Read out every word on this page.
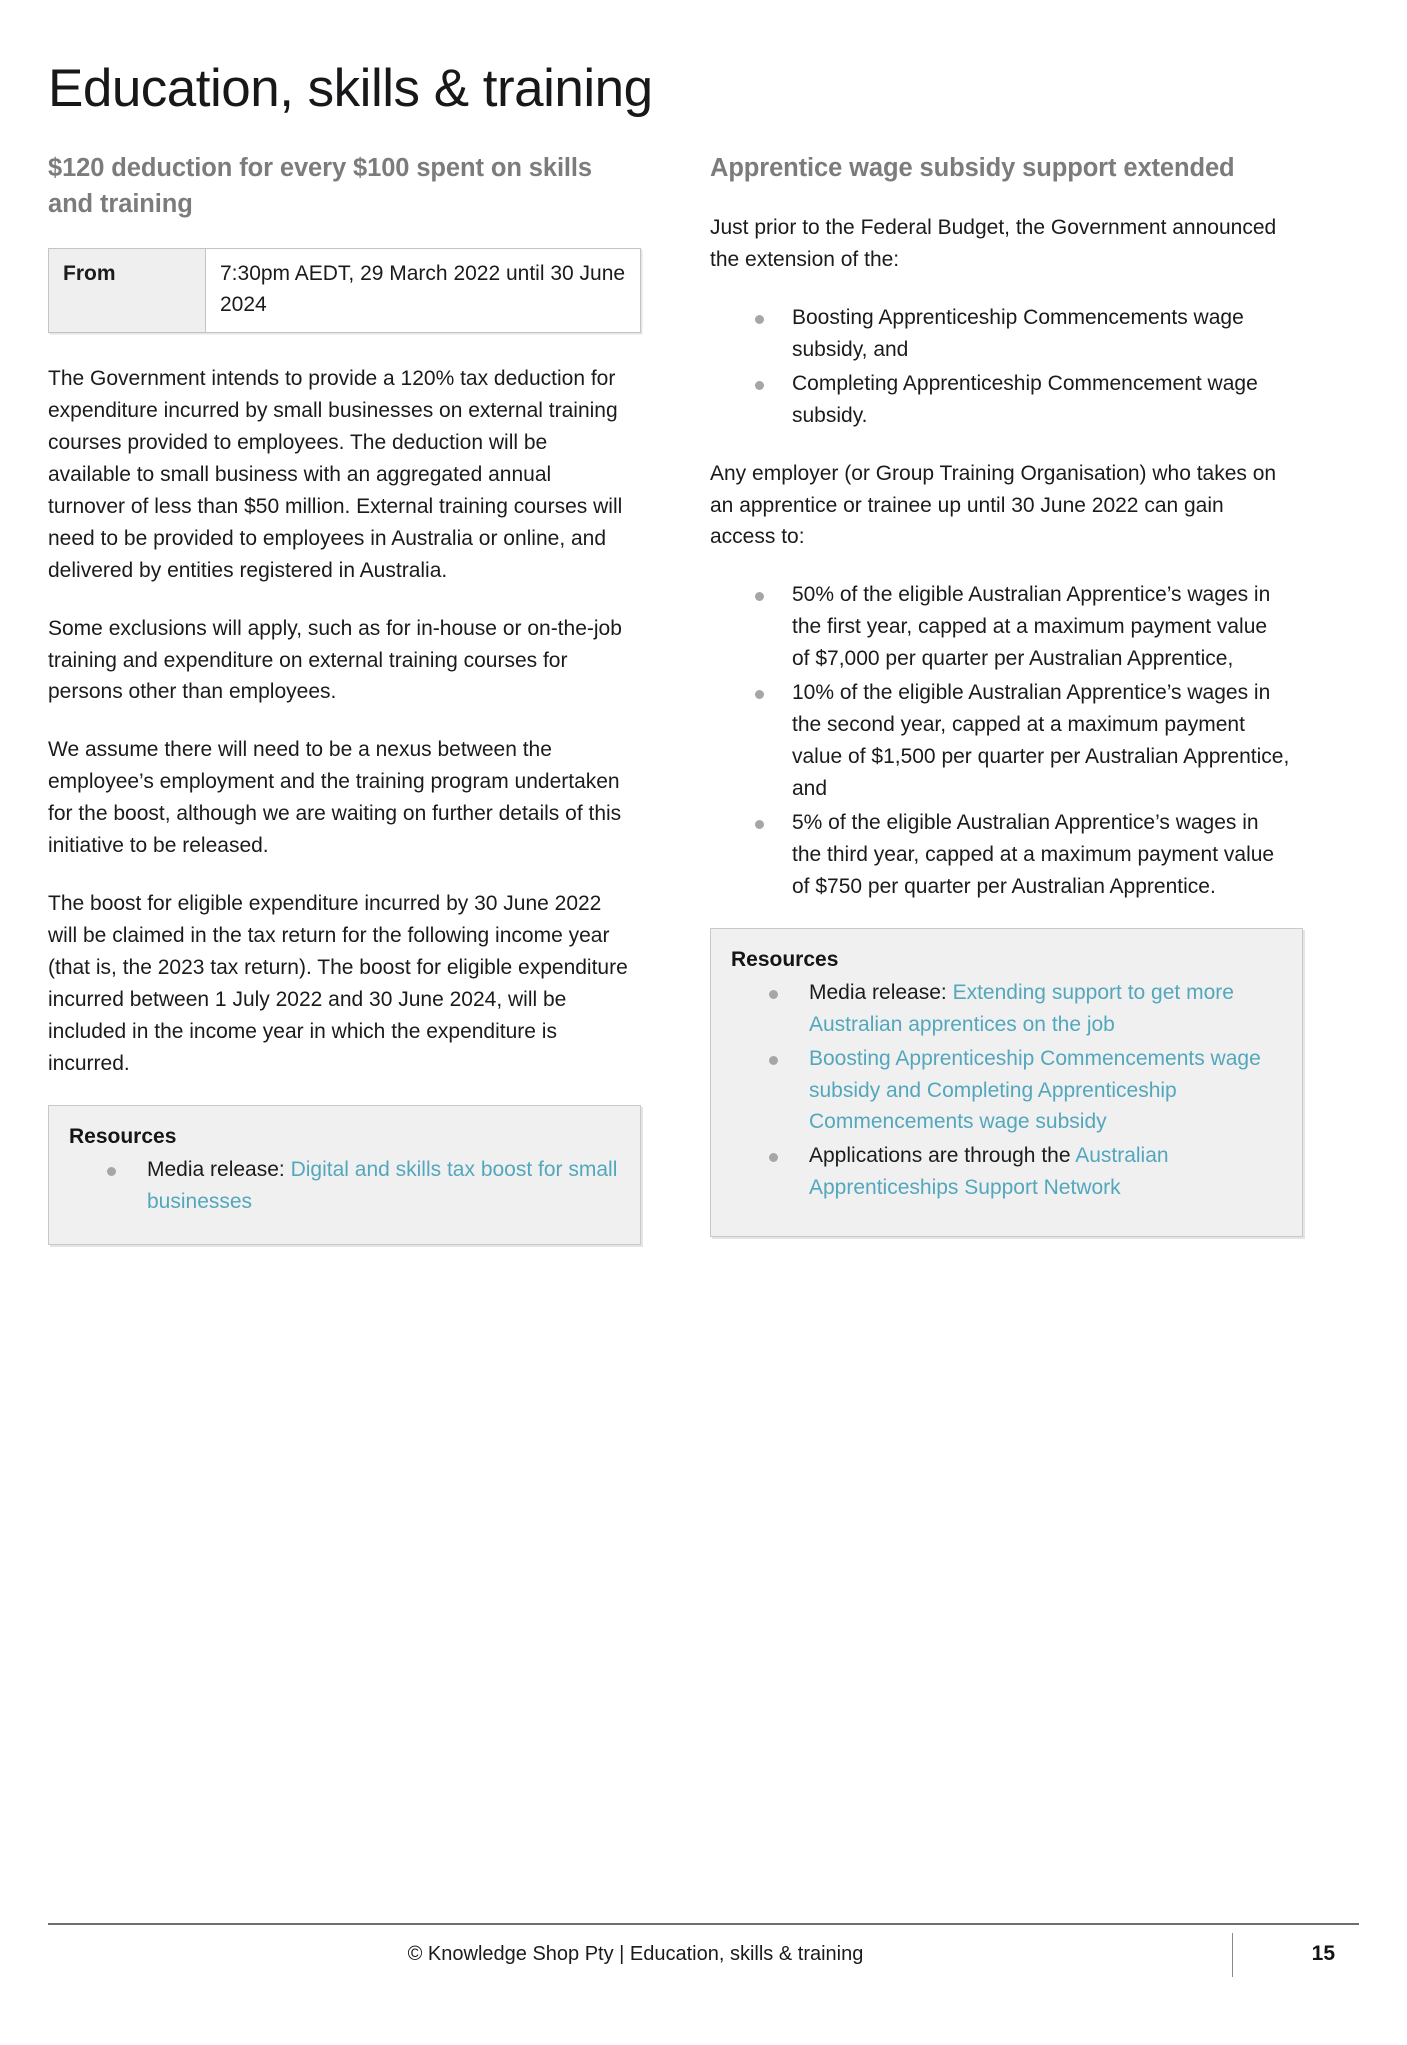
Education, skills & training
$120 deduction for every $100 spent on skills and training
From	7:30pm AEDT, 29 March 2022 until 30 June 2024

The Government intends to provide a 120% tax deduction for expenditure incurred by small businesses on external training courses provided to employees. The deduction will be available to small business with an aggregated annual turnover of less than $50 million. External training courses will need to be provided to employees in Australia or online, and delivered by entities registered in Australia.

Some exclusions will apply, such as for in-house or on-the-job training and expenditure on external training courses for persons other than employees.

We assume there will need to be a nexus between the employee’s employment and the training program undertaken for the boost, although we are waiting on further details of this initiative to be released.

The boost for eligible expenditure incurred by 30 June 2022 will be claimed in the tax return for the following income year (that is, the 2023 tax return). The boost for eligible expenditure incurred between 1 July 2022 and 30 June 2024, will be included in the income year in which the expenditure is incurred.

Resources
Media release: Digital and skills tax boost for small businesses
Apprentice wage subsidy support extended

Just prior to the Federal Budget, the Government announced the extension of the:

Boosting Apprenticeship Commencements wage subsidy, and
Completing Apprenticeship Commencement wage subsidy.

Any employer (or Group Training Organisation) who takes on an apprentice or trainee up until 30 June 2022 can gain access to:

50% of the eligible Australian Apprentice’s wages in the first year, capped at a maximum payment value of $7,000 per quarter per Australian Apprentice,
10% of the eligible Australian Apprentice’s wages in the second year, capped at a maximum payment value of $1,500 per quarter per Australian Apprentice, and
5% of the eligible Australian Apprentice’s wages in the third year, capped at a maximum payment value of $750 per quarter per Australian Apprentice.
Resources
Media release: Extending support to get more Australian apprentices on the job
Boosting Apprenticeship Commencements wage subsidy and Completing Apprenticeship Commencements wage subsidy
Applications are through the Australian Apprenticeships Support Network
© Knowledge Shop Pty | Education, skills & training	15
